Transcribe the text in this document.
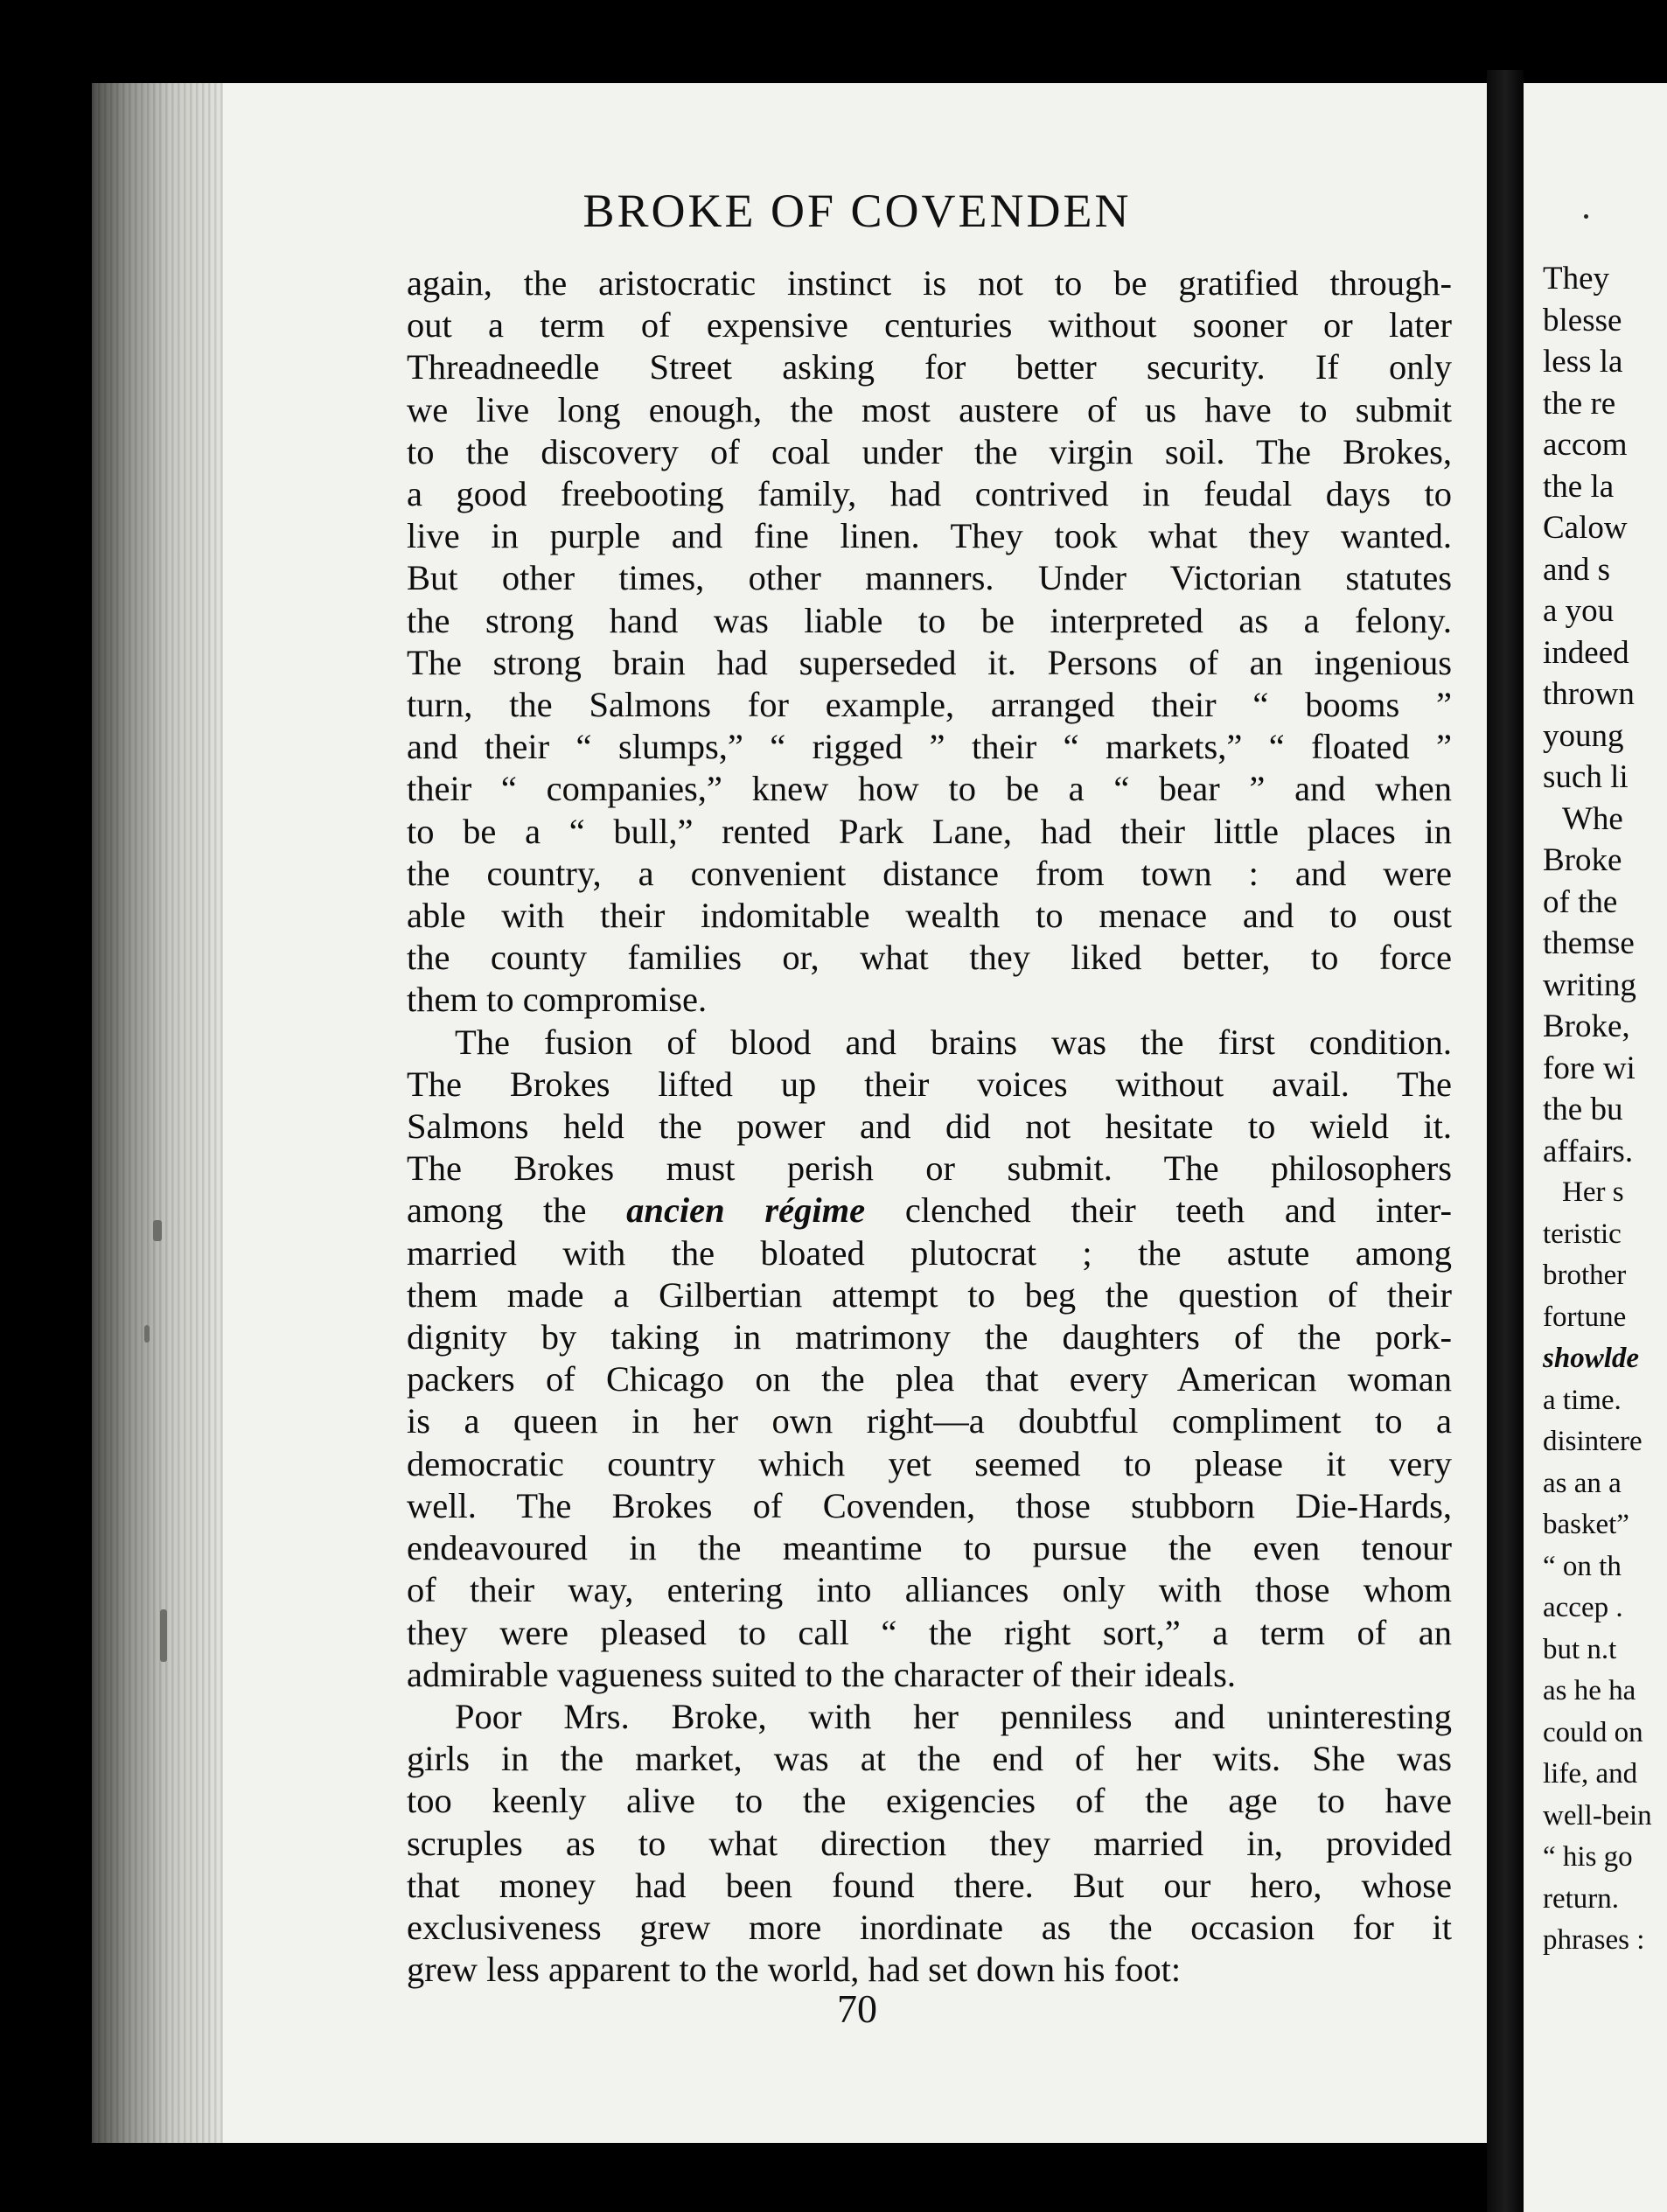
BROKE OF COVENDEN

again, the aristocratic instinct is not to be gratified through-
out a term of expensive centuries without sooner or later
Threadneedle Street asking for better security. If only
we live long enough, the most austere of us have to submit
to the discovery of coal under the virgin soil. The Brokes,
a good freebooting family, had contrived in feudal days to
live in purple and fine linen. They took what they wanted.
But other times, other manners. Under Victorian statutes
the strong hand was liable to be interpreted as a felony.
The strong brain had superseded it. Persons of an ingenious
turn, the Salmons for example, arranged their “ booms ”
and their “ slumps,” “ rigged ” their “ markets,” “ floated ”
their “ companies,” knew how to be a “ bear ” and when
to be a “ bull,” rented Park Lane, had their little places in
the country, a convenient distance from town : and were
able with their indomitable wealth to menace and to oust
the county families or, what they liked better, to force
them to compromise.

The fusion of blood and brains was the first condition.
The Brokes lifted up their voices without avail. The
Salmons held the power and did not hesitate to wield it.
The Brokes must perish or submit. The philosophers
among the ancien régime clenched their teeth and inter-
married with the bloated plutocrat ; the astute among
them made a Gilbertian attempt to beg the question of their
dignity by taking in matrimony the daughters of the pork-
packers of Chicago on the plea that every American woman
is a queen in her own right—a doubtful compliment to a
democratic country which yet seemed to please it very
well. The Brokes of Covenden, those stubborn Die-Hards,
endeavoured in the meantime to pursue the even tenour
of their way, entering into alliances only with those whom
they were pleased to call “ the right sort,” a term of an
admirable vagueness suited to the character of their ideals.

Poor Mrs. Broke, with her penniless and uninteresting
girls in the market, was at the end of her wits. She was
too keenly alive to the exigencies of the age to have
scruples as to what direction they married in, provided
that money had been found there. But our hero, whose
exclusiveness grew more inordinate as the occasion for it
grew less apparent to the world, had set down his foot:

70
They
blesse
less la
the re
accom
the la
Calow
and s
a you
indeed
thrown
young
such li
Whe
Broke
of the
themse
writing
Broke,
fore wi
the bu
affairs.
Her s
teristic
brother
fortune
showlde
a time.
disintere
as an a
basket”
“ on th
accep .
but n.t
as he ha
could on
life, and
well-bein
“ his go
return.
phrases :
